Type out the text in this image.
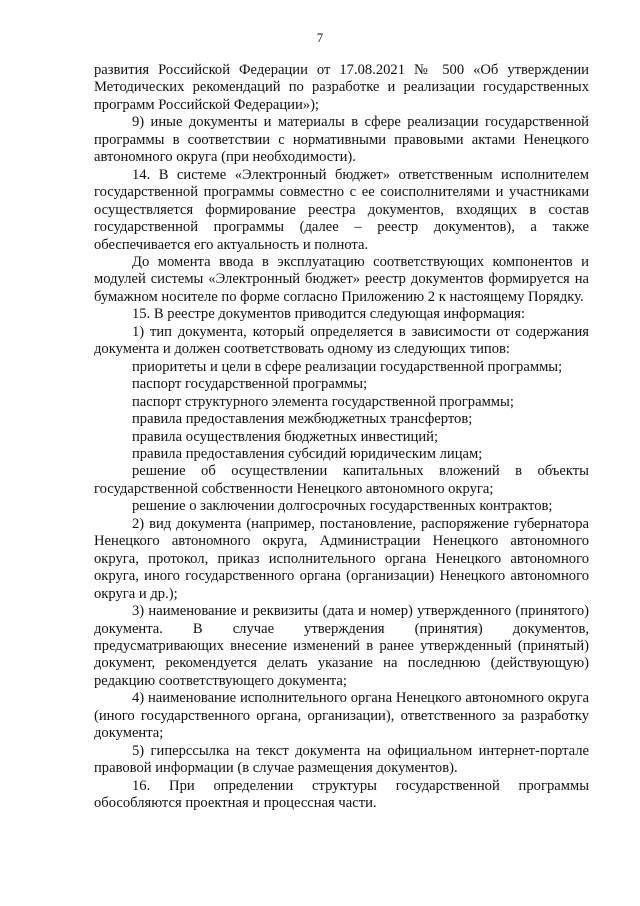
7

развития Российской Федерации от 17.08.2021 № 500 «Об утверждении Методических рекомендаций по разработке и реализации государственных программ Российской Федерации»);

9) иные документы и материалы в сфере реализации государственной программы в соответствии с нормативными правовыми актами Ненецкого автономного округа (при необходимости).

14. В системе «Электронный бюджет» ответственным исполнителем государственной программы совместно с ее соисполнителями и участниками осуществляется формирование реестра документов, входящих в состав государственной программы (далее – реестр документов), а также обеспечивается его актуальность и полнота.

До момента ввода в эксплуатацию соответствующих компонентов и модулей системы «Электронный бюджет» реестр документов формируется на бумажном носителе по форме согласно Приложению 2 к настоящему Порядку.

15. В реестре документов приводится следующая информация:

1) тип документа, который определяется в зависимости от содержания документа и должен соответствовать одному из следующих типов:

приоритеты и цели в сфере реализации государственной программы;

паспорт государственной программы;

паспорт структурного элемента государственной программы;

правила предоставления межбюджетных трансфертов;

правила осуществления бюджетных инвестиций;

правила предоставления субсидий юридическим лицам;

решение об осуществлении капитальных вложений в объекты государственной собственности Ненецкого автономного округа;

решение о заключении долгосрочных государственных контрактов;

2) вид документа (например, постановление, распоряжение губернатора Ненецкого автономного округа, Администрации Ненецкого автономного округа, протокол, приказ исполнительного органа Ненецкого автономного округа, иного государственного органа (организации) Ненецкого автономного округа и др.);

3) наименование и реквизиты (дата и номер) утвержденного (принятого) документа. В случае утверждения (принятия) документов, предусматривающих внесение изменений в ранее утвержденный (принятый) документ, рекомендуется делать указание на последнюю (действующую) редакцию соответствующего документа;

4) наименование исполнительного органа Ненецкого автономного округа (иного государственного органа, организации), ответственного за разработку документа;

5) гиперссылка на текст документа на официальном интернет-портале правовой информации (в случае размещения документов).

16. При определении структуры государственной программы обособляются проектная и процессная части.
